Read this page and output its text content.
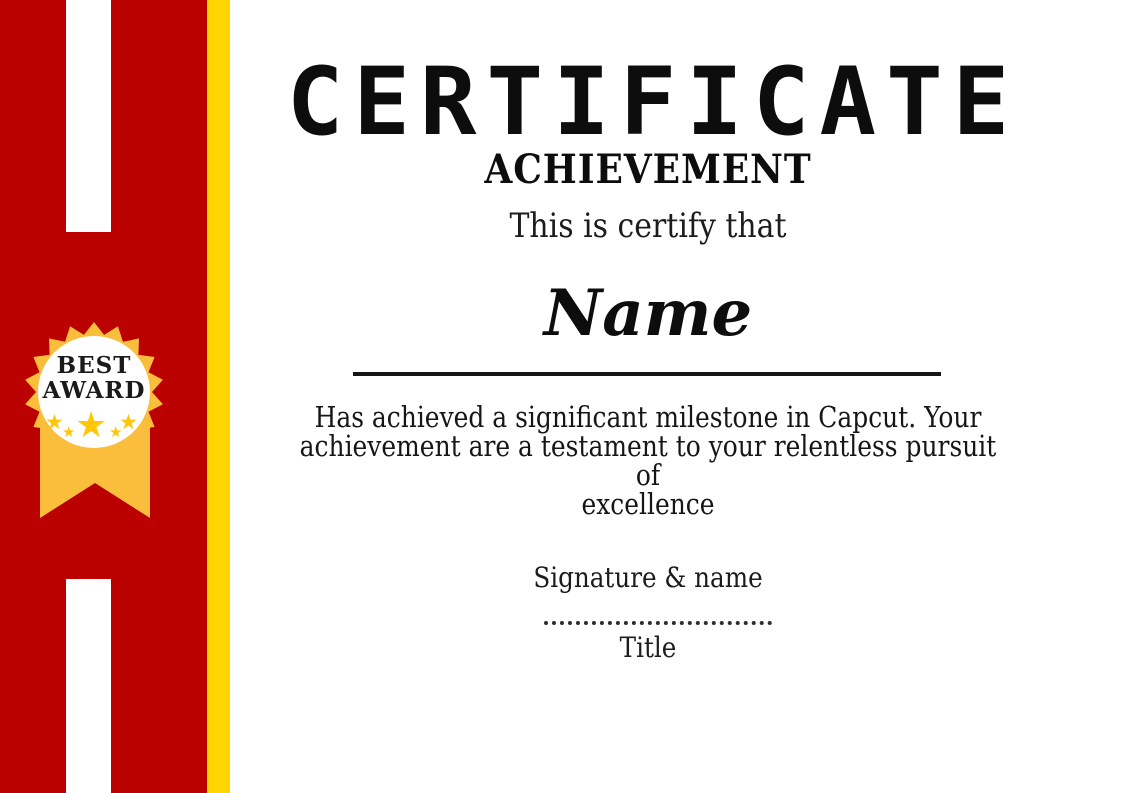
BEST
AWARD
★
★ ★ ★
★
CERTIFICATE
ACHIEVEMENT
This is certify that
Name
Has achieved a significant milestone in Capcut. Your
achievement are a testament to your relentless pursuit of
excellence
Signature & name
Title
